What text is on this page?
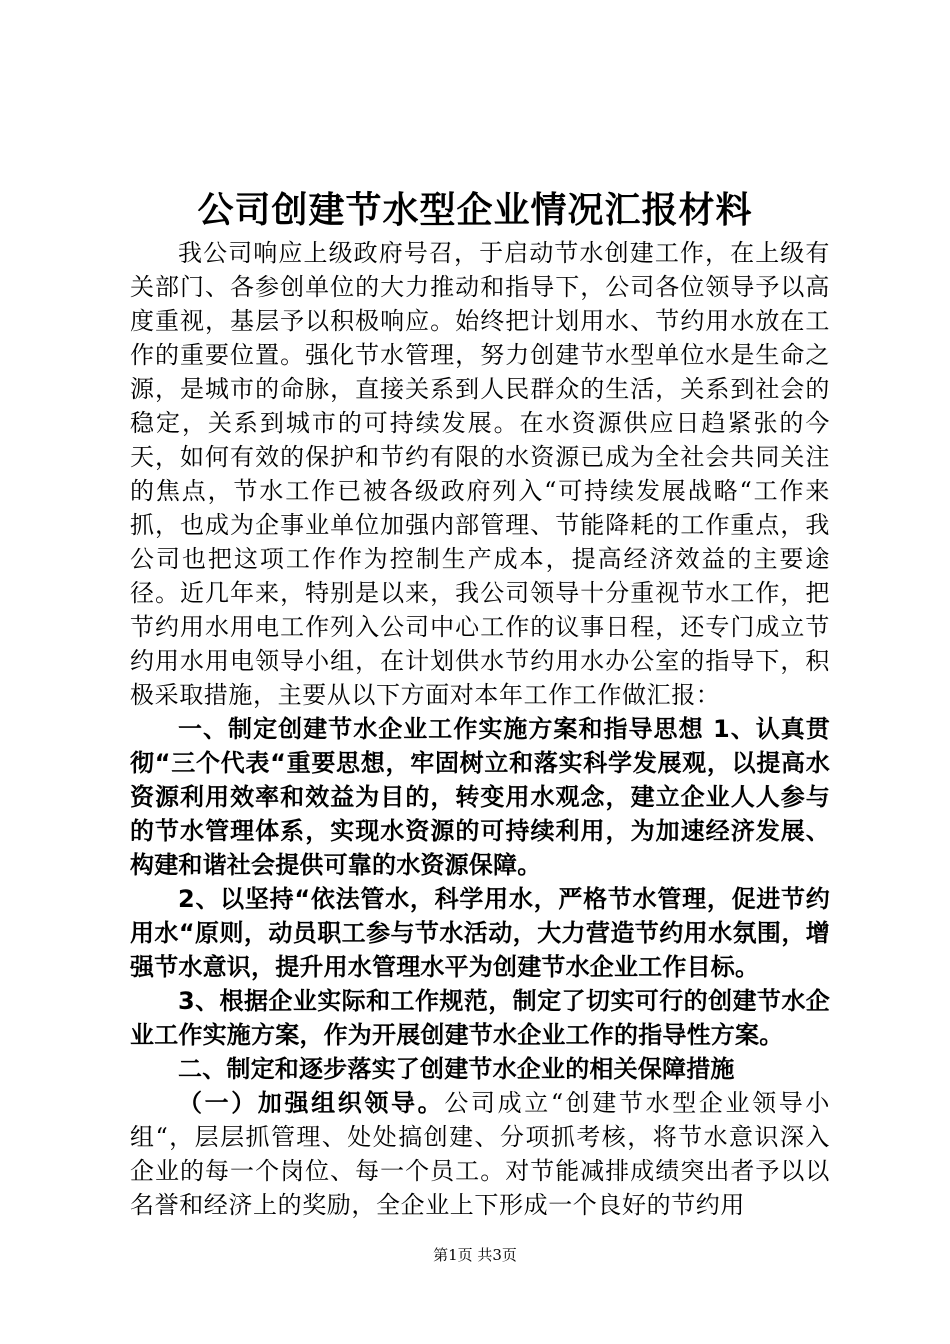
公司创建节水型企业情况汇报材料

我公司响应上级政府号召，于启动节水创建工作，在上级有关部门、各参创单位的大力推动和指导下，公司各位领导予以高度重视，基层予以积极响应。始终把计划用水、节约用水放在工作的重要位置。强化节水管理，努力创建节水型单位水是生命之源，是城市的命脉，直接关系到人民群众的生活，关系到社会的稳定，关系到城市的可持续发展。在水资源供应日趋紧张的今天，如何有效的保护和节约有限的水资源已成为全社会共同关注的焦点，节水工作已被各级政府列入“可持续发展战略“工作来抓，也成为企事业单位加强内部管理、节能降耗的工作重点，我公司也把这项工作作为控制生产成本，提高经济效益的主要途径。近几年来，特别是以来，我公司领导十分重视节水工作，把节约用水用电工作列入公司中心工作的议事日程，还专门成立节约用水用电领导小组，在计划供水节约用水办公室的指导下，积极采取措施，主要从以下方面对本年工作工作做汇报：

一、制定创建节水企业工作实施方案和指导思想 1、认真贯彻“三个代表“重要思想，牢固树立和落实科学发展观，以提高水资源利用效率和效益为目的，转变用水观念，建立企业人人参与的节水管理体系，实现水资源的可持续利用，为加速经济发展、构建和谐社会提供可靠的水资源保障。

2、以坚持“依法管水，科学用水，严格节水管理，促进节约用水“原则，动员职工参与节水活动，大力营造节约用水氛围，增强节水意识，提升用水管理水平为创建节水企业工作目标。

3、根据企业实际和工作规范，制定了切实可行的创建节水企业工作实施方案，作为开展创建节水企业工作的指导性方案。

二、制定和逐步落实了创建节水企业的相关保障措施

（一）加强组织领导。公司成立“创建节水型企业领导小组“，层层抓管理、处处搞创建、分项抓考核，将节水意识深入企业的每一个岗位、每一个员工。对节能减排成绩突出者予以以名誉和经济上的奖励，全企业上下形成一个良好的节约用

第1页 共3页
